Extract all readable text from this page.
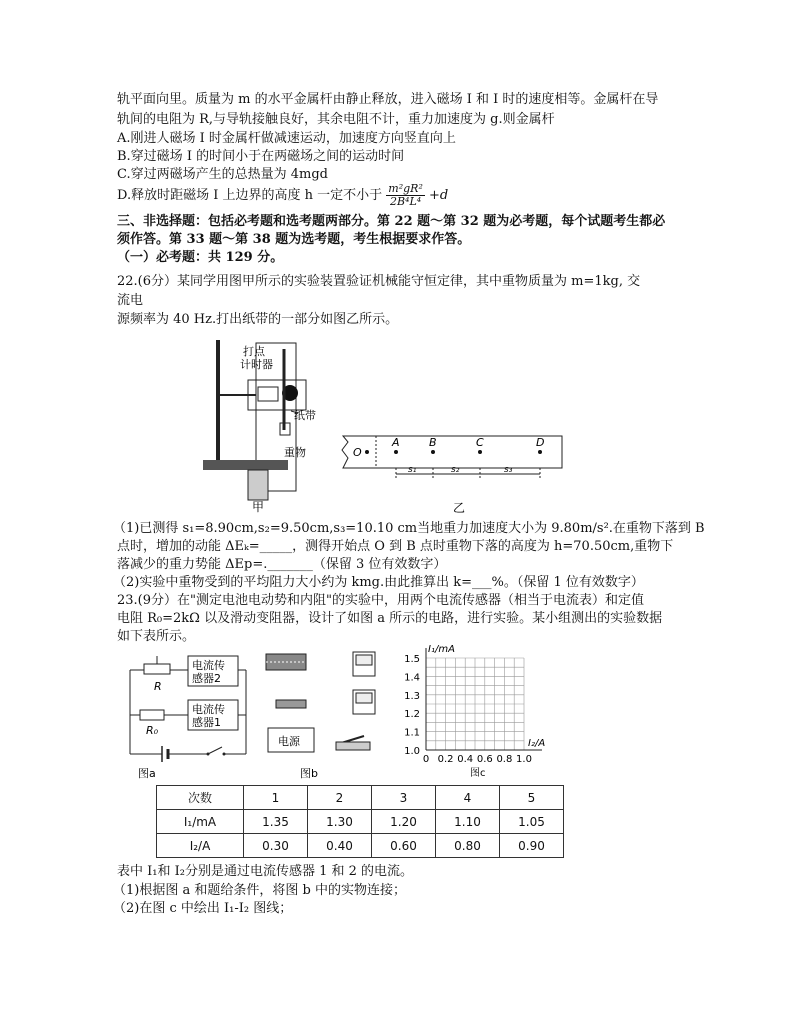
轨平面向里。质量为 m 的水平金属杆由静止释放，进入磁场 I 和 I 时的速度相等。金属杆在导
轨间的电阻为 R,与导轨接触良好，其余电阻不计，重力加速度为 g.则金属杆
A.刚进人磁场 I 时金属杆做减速运动，加速度方向竖直向上
B.穿过磁场 I 的时间小于在两磁场之间的运动时间
C.穿过两磁场产生的总热量为 4mgd
D.释放时距磁场 I 上边界的高度 h 一定不小于 $\frac{\text{m²gR²}}{\text{2B⁴L⁴}} +d$
三、非选择题：包括必考题和选考题两部分。第 22 题～第 32 题为必考题，每个试题考生都必
须作答。第 33 题～第 38 题为选考题，考生根据要求作答。
（一）必考题：共 129 分。
22.(6分）某同学用图甲所示的实验装置验证机械能守恒定律，其中重物质量为 m=1kg, 交
流电
源频率为 40 Hz.打出纸带的一部分如图乙所示。
打点
计时器
纸带
重物
甲
O
A	B	C	D
s₁	s₂	s₃
乙
（1)已测得 s₁=8.90cm,s₂=9.50cm,s₃=10.10 cm当地重力加速度大小为 9.80m/s².在重物下落到 B
点时，增加的动能 ΔEₖ=_____，测得开始点 O 到 B 点时重物下落的高度为 h=70.50cm,重物下
落减少的重力势能 ΔEp=._______（保留 3 位有效数字）
（2)实验中重物受到的平均阻力大小约为 kmg.由此推算出 k=___%。（保留 1 位有效数字）
23.(9分）在"测定电池电动势和内阻"的实验中，用两个电流传感器（相当于电流表）和定值
电阻 R₀=2kΩ 以及滑动变阻器，设计了如图 a 所示的电路，进行实验。某小组测出的实验数据
如下表所示。
电流传
感器2
电流传
感器1
R
R₀
图a
电源
图b
1.5
1.4
1.3
1.2
1.1
1.0
0 0.2 0.4 0.6 0.8 1.0
I₁/mA
I₂/A
图c
次数	1	2	3	4	5
I₁/mA	1.35	1.30	1.20	1.10	1.05
I₂/A	0.30	0.40	0.60	0.80	0.90
表中 I₁和 I₂分别是通过电流传感器 1 和 2 的电流。
（1)根据图 a 和题给条件，将图 b 中的实物连接；
（2)在图 c 中绘出 I₁-I₂ 图线；
